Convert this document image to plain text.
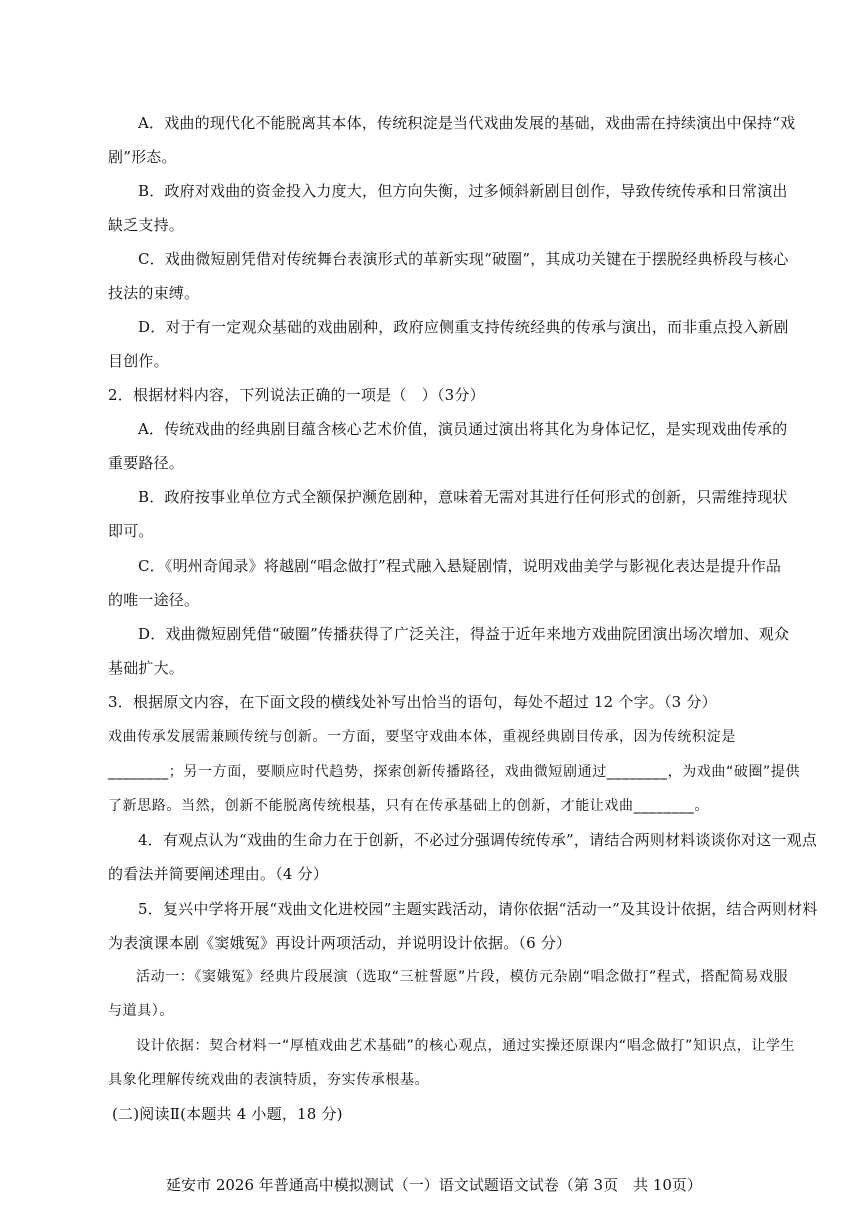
A．戏曲的现代化不能脱离其本体，传统积淀是当代戏曲发展的基础，戏曲需在持续演出中保持“戏
剧”形态。
B．政府对戏曲的资金投入力度大，但方向失衡，过多倾斜新剧目创作，导致传统传承和日常演出
缺乏支持。
C．戏曲微短剧凭借对传统舞台表演形式的革新实现“破圈”，其成功关键在于摆脱经典桥段与核心
技法的束缚。
D．对于有一定观众基础的戏曲剧种，政府应侧重支持传统经典的传承与演出，而非重点投入新剧
目创作。
2．根据材料内容，下列说法正确的一项是（　）（3分）
A．传统戏曲的经典剧目蕴含核心艺术价值，演员通过演出将其化为身体记忆，是实现戏曲传承的
重要路径。
B．政府按事业单位方式全额保护濒危剧种，意味着无需对其进行任何形式的创新，只需维持现状
即可。
C．《明州奇闻录》将越剧“唱念做打”程式融入悬疑剧情，说明戏曲美学与影视化表达是提升作品
的唯一途径。
D．戏曲微短剧凭借“破圈”传播获得了广泛关注，得益于近年来地方戏曲院团演出场次增加、观众
基础扩大。
3．根据原文内容，在下面文段的横线处补写出恰当的语句，每处不超过 12 个字。（3 分）
戏曲传承发展需兼顾传统与创新。一方面，要坚守戏曲本体，重视经典剧目传承，因为传统积淀是
________；另一方面，要顺应时代趋势，探索创新传播路径，戏曲微短剧通过________，为戏曲“破圈”提供
了新思路。当然，创新不能脱离传统根基，只有在传承基础上的创新，才能让戏曲________。
4．有观点认为“戏曲的生命力在于创新，不必过分强调传统传承”，请结合两则材料谈谈你对这一观点
的看法并简要阐述理由。（4 分）
5．复兴中学将开展“戏曲文化进校园”主题实践活动，请你依据“活动一”及其设计依据，结合两则材料
为表演课本剧《窦娥冤》再设计两项活动，并说明设计依据。（6 分）
活动一：《窦娥冤》经典片段展演（选取“三桩誓愿”片段，模仿元杂剧“唱念做打”程式，搭配简易戏服
与道具）。
设计依据：契合材料一“厚植戏曲艺术基础”的核心观点，通过实操还原课内“唱念做打”知识点，让学生
具象化理解传统戏曲的表演特质，夯实传承根基。
(二)阅读Ⅱ(本题共 4 小题，18 分)
延安市 2026 年普通高中模拟测试（一）语文试题语文试卷（第 3页　共 10页）
